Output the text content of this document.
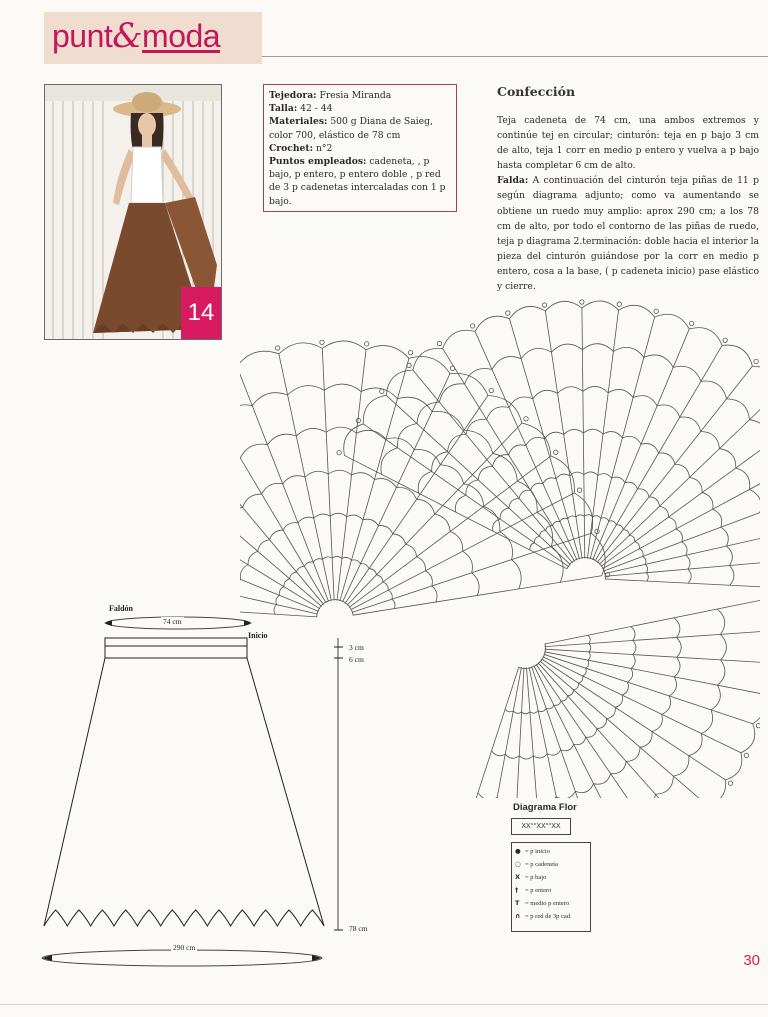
punt&moda
14
Tejedora: Fresia Miranda
Talla: 42 - 44
Materiales: 500 g Diana de Saieg, color 700, elástico de 78 cm
Crochet: n°2
Puntos empleados: cadeneta, , p bajo, p entero, p entero doble , p red de 3 p cadenetas intercaladas con 1 p bajo.
Confección
Teja cadeneta de 74 cm, una ambos extremos y continúe tej en circular; cinturón: teja en p bajo 3 cm de alto, teja 1 corr en medio p entero y vuelva a p bajo hasta completar 6 cm de alto.
Falda: A continuación del cinturón teja piñas de 11 p según diagrama adjunto; como va aumentando se obtiene un ruedo muy amplio: aprox 290 cm; a los 78 cm de alto, por todo el contorno de las piñas de ruedo, teja p diagrama 2.terminación: doble hacia el interior la pieza del cinturón guiándose por la corr en medio p entero, cosa a la base, ( p cadeneta inicio) pase elástico y cierre.
Faldón
74 cm
Inicio
3 cm
6 cm
78 cm
290 cm
Diagrama Flor
XX°°XX°°XX
● = p inicio
○ = p cadeneta
X = p bajo
† = p entero
T = medio p entero
∩ = p red de 3p cad.
30
